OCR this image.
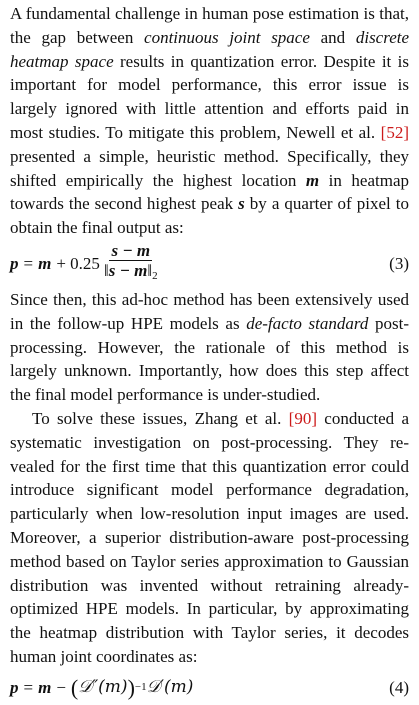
A fundamental challenge in human pose estimation is that, the gap between continuous joint space and discrete heatmap space results in quantization error. Despite it is important for model performance, this error issue is largely ignored with little attention and efforts paid in most studies. To mitigate this problem, Newell et al. [52] presented a simple, heuristic method. Specifically, they shifted empirically the highest location m in heatmap towards the second highest peak s by a quarter of pixel to obtain the final output as:

$p = m + 0.25 \frac{s - m}{‖s - m‖_2}$	(3)

Since then, this ad-hoc method has been extensively used in the follow-up HPE models as de-facto standard post-processing. However, the rationale of this method is largely unknown. Importantly, how does this step affect the final model performance is under-studied.

To solve these issues, Zhang et al. [90] conducted a systematic investigation on post-processing. They revealed for the first time that this quantization error could introduce significant model performance degradation, particularly when low-resolution input images are used. Moreover, a superior distribution-aware post-processing method based on Taylor series approximation to Gaussian distribution was invented without retraining already-optimized HPE models. In particular, by approximating the heatmap distribution with Taylor series, it decodes human joint coordinates as:

p = m − ( 𝒟″(m) ) −1 𝒟′(m)	(4)
